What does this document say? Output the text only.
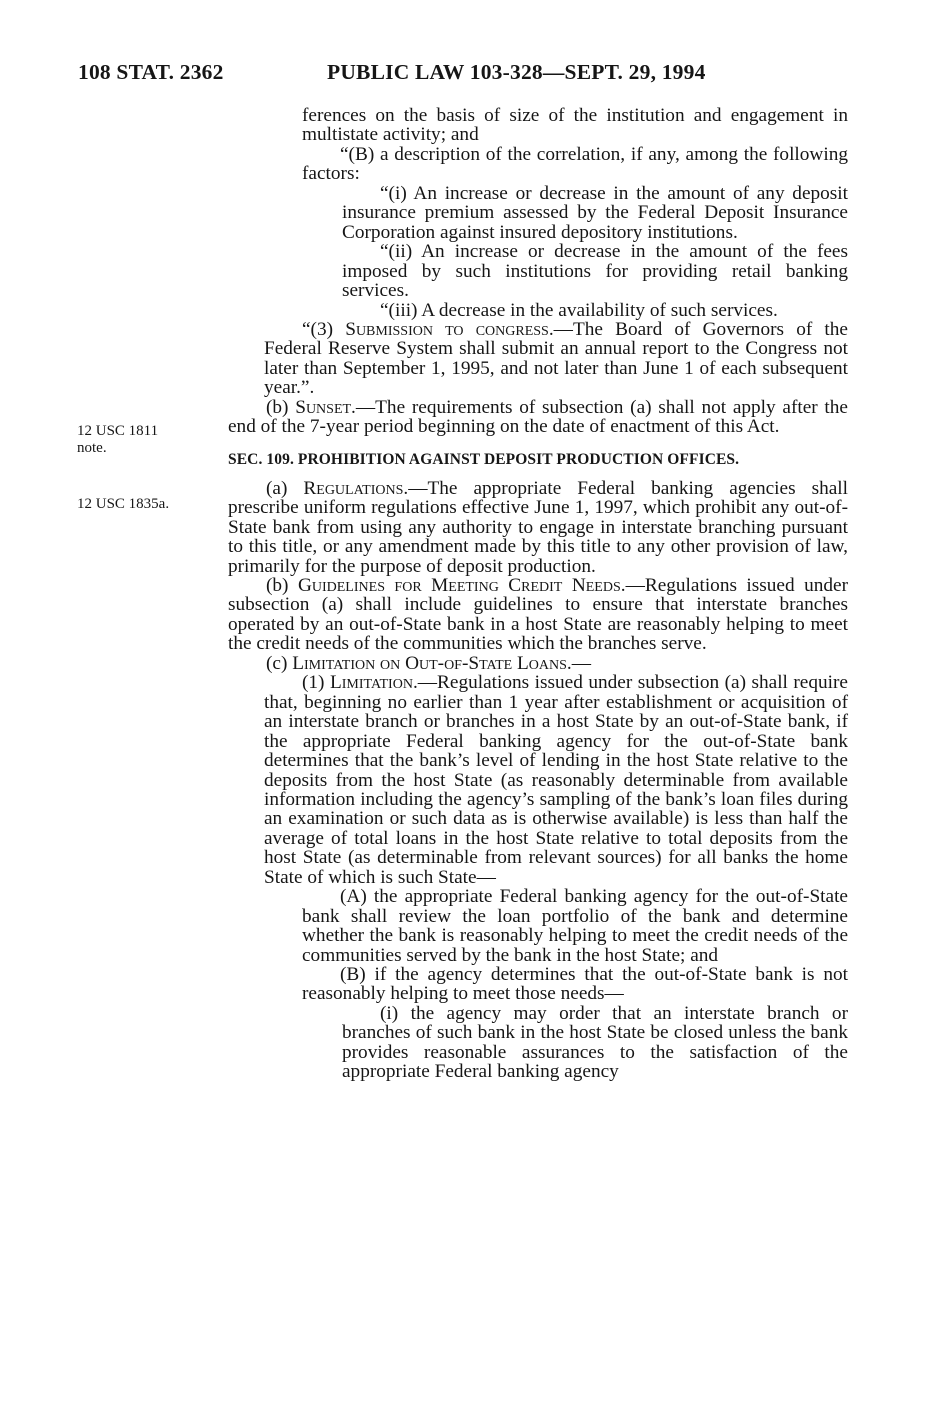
108 STAT. 2362	PUBLIC LAW 103-328—SEPT. 29, 1994
12 USC 1811
note.
12 USC 1835a.

ferences on the basis of size of the institution and engagement in multistate activity; and

“(B) a description of the correlation, if any, among the following factors:

“(i) An increase or decrease in the amount of any deposit insurance premium assessed by the Federal Deposit Insurance Corporation against insured depository institutions.

“(ii) An increase or decrease in the amount of the fees imposed by such institutions for providing retail banking services.

“(iii) A decrease in the availability of such services.

“(3) Submission to congress.—The Board of Governors of the Federal Reserve System shall submit an annual report to the Congress not later than September 1, 1995, and not later than June 1 of each subsequent year.”.

(b) Sunset.—The requirements of subsection (a) shall not apply after the end of the 7-year period beginning on the date of enactment of this Act.

SEC. 109. PROHIBITION AGAINST DEPOSIT PRODUCTION OFFICES.

(a) Regulations.—The appropriate Federal banking agencies shall prescribe uniform regulations effective June 1, 1997, which prohibit any out-of-State bank from using any authority to engage in interstate branching pursuant to this title, or any amendment made by this title to any other provision of law, primarily for the purpose of deposit production.

(b) Guidelines for Meeting Credit Needs.—Regulations issued under subsection (a) shall include guidelines to ensure that interstate branches operated by an out-of-State bank in a host State are reasonably helping to meet the credit needs of the communities which the branches serve.

(c) Limitation on Out-of-State Loans.—

(1) Limitation.—Regulations issued under subsection (a) shall require that, beginning no earlier than 1 year after establishment or acquisition of an interstate branch or branches in a host State by an out-of-State bank, if the appropriate Federal banking agency for the out-of-State bank determines that the bank’s level of lending in the host State relative to the deposits from the host State (as reasonably determinable from available information including the agency’s sampling of the bank’s loan files during an examination or such data as is otherwise available) is less than half the average of total loans in the host State relative to total deposits from the host State (as determinable from relevant sources) for all banks the home State of which is such State—

(A) the appropriate Federal banking agency for the out-of-State bank shall review the loan portfolio of the bank and determine whether the bank is reasonably helping to meet the credit needs of the communities served by the bank in the host State; and

(B) if the agency determines that the out-of-State bank is not reasonably helping to meet those needs—

(i) the agency may order that an interstate branch or branches of such bank in the host State be closed unless the bank provides reasonable assurances to the satisfaction of the appropriate Federal banking agency
